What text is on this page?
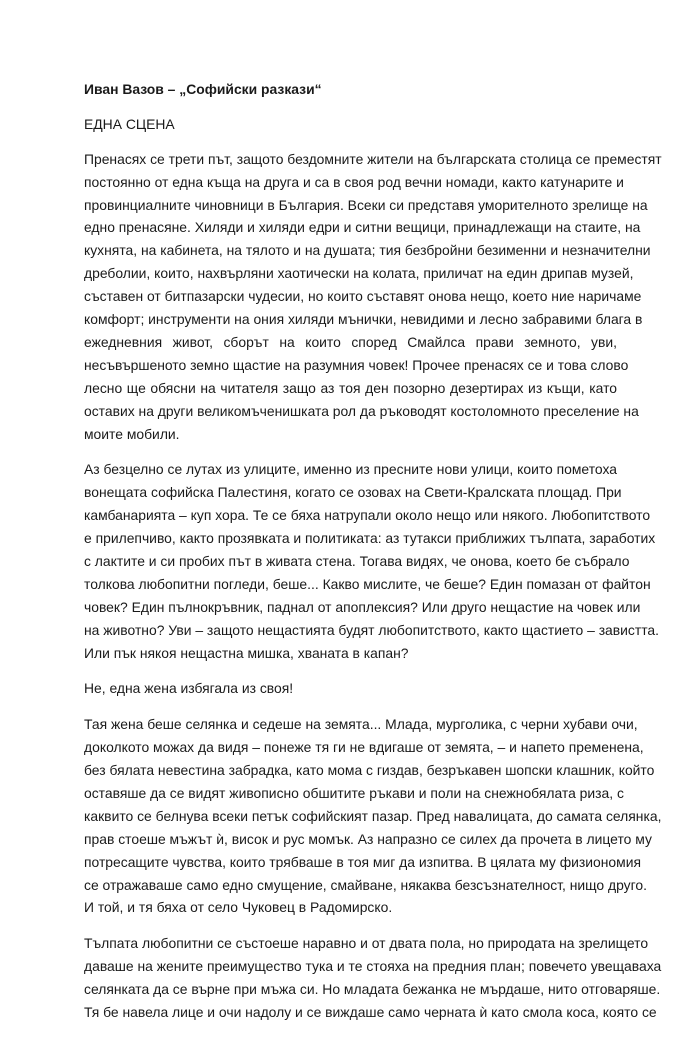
Иван Вазов – „Софийски разкази“
ЕДНА СЦЕНА
Пренасях се трети път, защото бездомните жители на българската столица се преместят
постоянно от една къща на друга и са в своя род вечни номади, както катунарите и
провинциалните чиновници в България. Всеки си представя уморителното зрелище на
едно пренасяне. Хиляди и хиляди едри и ситни вещици, принадлежащи на стаите, на
кухнята, на кабинета, на тялото и на душата; тия безбройни безименни и незначителни
дреболии, които, нахвърляни хаотически на колата, приличат на един дрипав музей,
съставен от битпазарски чудесии, но които съставят онова нещо, което ние наричаме
комфорт; инструменти на ония хиляди мънички, невидими и лесно забравими блага в
ежедневния живот, сборът на които според Смайлса прави земното, уви,
несъвършеното земно щастие на разумния човек! Прочее пренасях се и това слово
лесно ще обясни на читателя защо аз тоя ден позорно дезертирах из къщи, като
оставих на други великомъченишката рол да ръководят костоломното преселение на
моите мобили.
Аз безцелно се лутах из улиците, именно из пресните нови улици, които пометоха
вонещата софийска Палестиня, когато се озовах на Свети-Кралската площад. При
камбанарията – куп хора. Те се бяха натрупали около нещо или някого. Любопитството
е прилепчиво, както прозявката и политиката: аз тутакси приближих тълпата, заработих
с лактите и си пробих път в живата стена. Тогава видях, че онова, което бе събрало
толкова любопитни погледи, беше... Какво мислите, че беше? Един помазан от файтон
човек? Един пълнокръвник, паднал от апоплексия? Или друго нещастие на човек или
на животно? Уви – защото нещастията будят любопитството, както щастието – завистта.
Или пък някоя нещастна мишка, хваната в капан?
Не, една жена избягала из своя!
Тая жена беше селянка и седеше на земята... Млада, мурголика, с черни хубави очи,
доколкото можах да видя – понеже тя ги не вдигаше от земята, – и напето пременена,
без бялата невестина забрадка, като мома с гиздав, безръкавен шопски клашник, който
оставяше да се видят живописно обшитите ръкави и поли на снежнобялата риза, с
каквито се белнува всеки петък софийският пазар. Пред навалицата, до самата селянка,
прав стоеше мъжът ѝ, висок и рус момък. Аз напразно се силех да прочета в лицето му
потресащите чувства, които трябваше в тоя миг да изпитва. В цялата му физиономия
се отражаваше само едно смущение, смайване, някаква безсъзнателност, нищо друго.
И той, и тя бяха от село Чуковец в Радомирско.
Тълпата любопитни се състоеше наравно и от двата пола, но природата на зрелището
даваше на жените преимущество тука и те стояха на предния план; повечето увещаваха
селянката да се върне при мъжа си. Но младата бежанка не мърдаше, нито отговаряше.
Тя бе навела лице и очи надолу и се виждаше само черната ѝ като смола коса, която се
